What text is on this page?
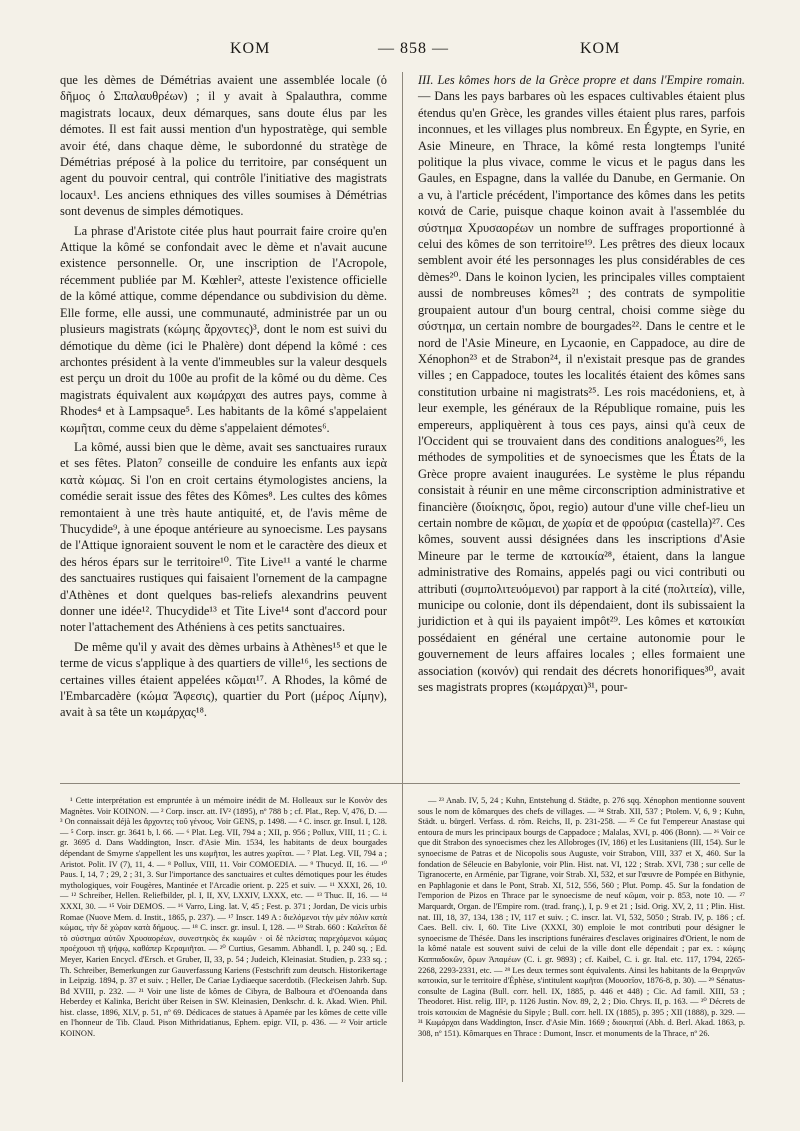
KOM	— 858 —	KOM

que les dèmes de Démétrias avaient une assemblée locale (ὁ δῆμος ὁ Σπαλαυθρέων) ; il y avait à Spalauthra, comme magistrats locaux, deux démarques, sans doute élus par les démotes. Il est fait aussi mention d'un hypostratège, qui semble avoir été, dans chaque dème, le subordonné du stratège de Démétrias préposé à la police du territoire, par conséquent un agent du pouvoir central, qui contrôle l'initiative des magistrats locaux¹. Les anciens ethniques des villes soumises à Démétrias sont devenus de simples démotiques.

La phrase d'Aristote citée plus haut pourrait faire croire qu'en Attique la kômé se confondait avec le dème et n'avait aucune existence personnelle. Or, une inscription de l'Acropole, récemment publiée par M. Kœhler², atteste l'existence officielle de la kômé attique, comme dépendance ou subdivision du dème. Elle forme, elle aussi, une communauté, administrée par un ou plusieurs magistrats (κώμης ἄρχοντες)³, dont le nom est suivi du démotique du dème (ici le Phalère) dont dépend la kômé : ces archontes président à la vente d'immeubles sur la valeur desquels est perçu un droit du 100e au profit de la kômé ou du dème. Ces magistrats équivalent aux κωμάρχαι des autres pays, comme à Rhodes⁴ et à Lampsaque⁵. Les habitants de la kômé s'appelaient κωμῆται, comme ceux du dème s'appelaient démotes⁶.

La kômé, aussi bien que le dème, avait ses sanctuaires ruraux et ses fêtes. Platon⁷ conseille de conduire les enfants aux ἱερὰ κατὰ κώμας. Si l'on en croit certains étymologistes anciens, la comédie serait issue des fêtes des Kômes⁸. Les cultes des kômes remontaient à une très haute antiquité, et, de l'avis même de Thucydide⁹, à une époque antérieure au synoecisme. Les paysans de l'Attique ignoraient souvent le nom et le caractère des dieux et des héros épars sur le territoire¹⁰. Tite Live¹¹ a vanté le charme des sanctuaires rustiques qui faisaient l'ornement de la campagne d'Athènes et dont quelques bas-reliefs alexandrins peuvent donner une idée¹². Thucydide¹³ et Tite Live¹⁴ sont d'accord pour noter l'attachement des Athéniens à ces petits sanctuaires.

De même qu'il y avait des dèmes urbains à Athènes¹⁵ et que le terme de vicus s'applique à des quartiers de ville¹⁶, les sections de certaines villes étaient appelées κῶμαι¹⁷. A Rhodes, la kômé de l'Embarcadère (κώμα Ἄφεσις), quartier du Port (μέρος Λίμην), avait à sa tête un κωμάρχας¹⁸.

III. Les kômes hors de la Grèce propre et dans l'Empire romain. — Dans les pays barbares où les espaces cultivables étaient plus étendus qu'en Grèce, les grandes villes étaient plus rares, parfois inconnues, et les villages plus nombreux. En Égypte, en Syrie, en Asie Mineure, en Thrace, la kômé resta longtemps l'unité politique la plus vivace, comme le vicus et le pagus dans les Gaules, en Espagne, dans la vallée du Danube, en Germanie. On a vu, à l'article précédent, l'importance des kômes dans les petits κοινά de Carie, puisque chaque koinon avait à l'assemblée du σύστημα Χρυσαορέων un nombre de suffrages proportionné à celui des kômes de son territoire¹⁹. Les prêtres des dieux locaux semblent avoir été les personnages les plus considérables de ces dèmes²⁰. Dans le koinon lycien, les principales villes comptaient aussi de nombreuses kômes²¹ ; des contrats de sympolitie groupaient autour d'un bourg central, choisi comme siège du σύστημα, un certain nombre de bourgades²². Dans le centre et le nord de l'Asie Mineure, en Lycaonie, en Cappadoce, au dire de Xénophon²³ et de Strabon²⁴, il n'existait presque pas de grandes villes ; en Cappadoce, toutes les localités étaient des kômes sans constitution urbaine ni magistrats²⁵. Les rois macédoniens, et, à leur exemple, les généraux de la République romaine, puis les empereurs, appliquèrent à tous ces pays, ainsi qu'à ceux de l'Occident qui se trouvaient dans des conditions analogues²⁶, les méthodes de sympolities et de synoecismes que les États de la Grèce propre avaient inaugurées. Le système le plus répandu consistait à réunir en une même circonscription administrative et financière (διοίκησις, ὅροι, regio) autour d'une ville chef-lieu un certain nombre de κῶμαι, de χωρία et de φρούρια (castella)²⁷. Ces kômes, souvent aussi désignées dans les inscriptions d'Asie Mineure par le terme de κατοικία²⁸, étaient, dans la langue administrative des Romains, appelés pagi ou vici contributi ou attributi (συμπολιτευόμενοι) par rapport à la cité (πολιτεία), ville, municipe ou colonie, dont ils dépendaient, dont ils subissaient la juridiction et à qui ils payaient impôt²⁹. Les kômes et κατοικίαι possédaient en général une certaine autonomie pour le gouvernement de leurs affaires locales ; elles formaient une association (κοινόν) qui rendait des décrets honorifiques³⁰, avait ses magistrats propres (κωμάρχαι)³¹, pour-

¹ Cette interprétation est empruntée à un mémoire inédit de M. Holleaux sur le Κοινὸν des Magnètes. Voir KOINON. — ² Corp. inscr. att. IV² (1895), nº 788 b ; cf. Plat., Rep. V, 476, D. — ³ On connaissait déjà les ἄρχοντες τοῦ γένους. Voir GENS, p. 1498. — ⁴ C. inscr. gr. Insul. I, 128. — ⁵ Corp. inscr. gr. 3641 b, l. 66. — ⁶ Plat. Leg. VII, 794 a ; XII, p. 956 ; Pollux, VIII, 11 ; C. i. gr. 3695 d. Dans Waddington, Inscr. d'Asie Min. 1534, les habitants de deux bourgades dépendant de Smyrne s'appellent les uns κωμῆται, les autres χωρῖται. — ⁷ Plat. Leg. VII, 794 a ; Aristot. Polit. IV (7), 11, 4. — ⁸ Pollux, VIII, 11. Voir COMOEDIA. — ⁹ Thucyd. II, 16. — ¹⁰ Paus. I, 14, 7 ; 29, 2 ; 31, 3. Sur l'importance des sanctuaires et cultes démotiques pour les études mythologiques, voir Fougères, Mantinée et l'Arcadie orient. p. 225 et suiv. — ¹¹ XXXI, 26, 10. — ¹² Schreiber, Hellen. Reliefbilder, pl. I, II, XV, LXXIV, LXXX, etc. — ¹³ Thuc. II, 16. — ¹⁴ XXXI, 30. — ¹⁵ Voir DEMOS. — ¹⁶ Varro, Ling. lat. V, 45 ; Fest. p. 371 ; Jordan, De vicis urbis Romae (Nuove Mem. d. Instit., 1865, p. 237). — ¹⁷ Inscr. 149 A : διελόμενοι τὴν μὲν πόλιν κατὰ κώμας, τὴν δὲ χώραν κατὰ δήμους. — ¹⁸ C. inscr. gr. insul. I, 128. — ¹⁹ Strab. 660 : Καλεῖται δὲ τὸ σύστημα αὐτῶν Χρυσαορέων, συνεστηκὸς ἐκ κωμῶν · οἱ δὲ πλείστας παρεχόμενοι κώμας προέχουσι τῇ ψήφῳ, καθάπερ Κεραμιῆται. — ²⁰ Curtius, Gesamm. Abhandl. I, p. 240 sq. ; Ed. Meyer, Karien Encycl. d'Ersch. et Gruber, II, 33, p. 54 ; Judeich, Kleinasiat. Studien, p. 233 sq. ; Th. Schreiber, Bemerkungen zur Gauverfassung Kariens (Festschrift zum deutsch. Historikertage in Leipzig. 1894, p. 37 et suiv. ; Heller, De Cariae Lydiaeque sacerdotib. (Fleckeisen Jahrb. Sup. Bd XVIII, p. 232. — ²¹ Voir une liste de kômes de Cibyra, de Balboura et d'Oenoanda dans Heberdey et Kalinka, Bericht über Reisen in SW. Kleinasien, Denkschr. d. k. Akad. Wien. Phil. hist. classe, 1896, XLV, p. 51, nº 69. Dédicaces de statues à Apamée par les kômes de cette ville en l'honneur de Tib. Claud. Pison Mithridatianus, Ephem. epigr. VII, p. 436. — ²² Voir article KOINON.

— ²³ Anab. IV, 5, 24 ; Kuhn, Entstehung d. Städte, p. 276 sqq. Xénophon mentionne souvent sous le nom de kômarques des chefs de villages. — ²⁴ Strab. XII, 537 ; Ptolem. V, 6, 9 ; Kuhn, Städt. u. bürgerl. Verfass. d. röm. Reichs, II, p. 231-258. — ²⁵ Ce fut l'empereur Anastase qui entoura de murs les principaux bourgs de Cappadoce ; Malalas, XVI, p. 406 (Bonn). — ²⁶ Voir ce que dit Strabon des synoecismes chez les Allobroges (IV, 186) et les Lusitaniens (III, 154). Sur le synoecisme de Patras et de Nicopolis sous Auguste, voir Strabon, VIII, 337 et X, 460. Sur la fondation de Séleucie en Babylonie, voir Plin. Hist. nat. VI, 122 ; Strab. XVI, 738 ; sur celle de Tigranocerte, en Arménie, par Tigrane, voir Strab. XI, 532, et sur l'œuvre de Pompée en Bithynie, en Paphlagonie et dans le Pont, Strab. XI, 512, 556, 560 ; Plut. Pomp. 45. Sur la fondation de l'emporion de Pizos en Thrace par le synoecisme de neuf κῶμαι, voir p. 853, note 10. — ²⁷ Marquardt, Organ. de l'Empire rom. (trad. franç.), I, p. 9 et 21 ; Isid. Orig. XV, 2, 11 ; Plin. Hist. nat. III, 18, 37, 134, 138 ; IV, 117 et suiv. ; C. inscr. lat. VI, 532, 5050 ; Strab. IV, p. 186 ; cf. Caes. Bell. civ. I, 60. Tite Live (XXXI, 30) emploie le mot contributi pour désigner le synoecisme de Thésée. Dans les inscriptions funéraires d'esclaves originaires d'Orient, le nom de la kômé natale est souvent suivi de celui de la ville dont elle dépendait ; par ex. : κώμης Καππαδοκῶν, ὅρων Ἀπαμέων (C. i. gr. 9893) ; cf. Kaibel, C. i. gr. Ital. etc. 117, 1794, 2265-2268, 2293-2331, etc. — ²⁸ Les deux termes sont équivalents. Ainsi les habitants de la Θειρηνῶν κατοικία, sur le territoire d'Éphèse, s'intitulent κωμῆται (Μουσεῖον, 1876-8, p. 30). — ²⁹ Sénatus-consulte de Lagina (Bull. corr. hell. IX, 1885, p. 446 et 448) ; Cic. Ad famil. XIII, 53 ; Theodoret. Hist. relig. III², p. 1126 Justin. Nov. 89, 2, 2 ; Dio. Chrys. II, p. 163. — ³⁰ Décrets de trois κατοικίαι de Magnésie du Sipyle ; Bull. corr. hell. IX (1885), p. 395 ; XII (1888), p. 329. — ³¹ Κωμάρχαι dans Waddington, Inscr. d'Asie Min. 1669 ; διοικηταί (Abh. d. Berl. Akad. 1863, p. 308, nº 151). Kômarques en Thrace : Dumont, Inscr. et monuments de la Thrace, nº 26.
